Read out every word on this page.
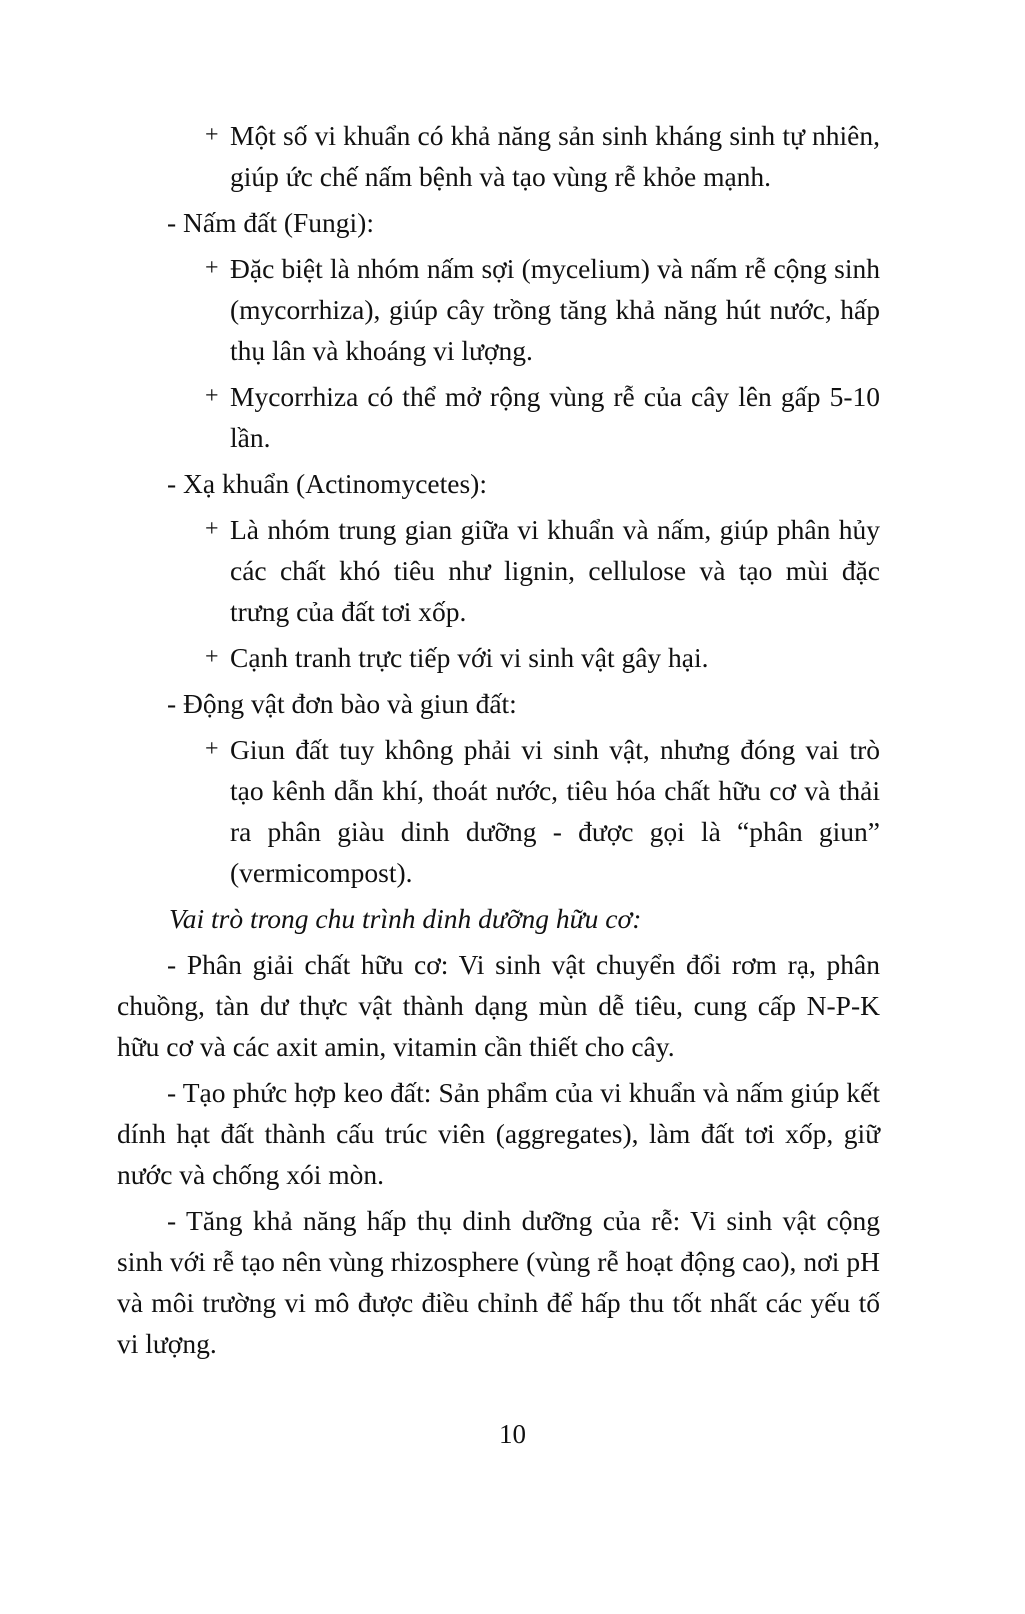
+ Một số vi khuẩn có khả năng sản sinh kháng sinh tự nhiên, giúp ức chế nấm bệnh và tạo vùng rễ khỏe mạnh.
- Nấm đất (Fungi):
+ Đặc biệt là nhóm nấm sợi (mycelium) và nấm rễ cộng sinh (mycorrhiza), giúp cây trồng tăng khả năng hút nước, hấp thụ lân và khoáng vi lượng.
+ Mycorrhiza có thể mở rộng vùng rễ của cây lên gấp 5-10 lần.
- Xạ khuẩn (Actinomycetes):
+ Là nhóm trung gian giữa vi khuẩn và nấm, giúp phân hủy các chất khó tiêu như lignin, cellulose và tạo mùi đặc trưng của đất tơi xốp.
+ Cạnh tranh trực tiếp với vi sinh vật gây hại.
- Động vật đơn bào và giun đất:
+ Giun đất tuy không phải vi sinh vật, nhưng đóng vai trò tạo kênh dẫn khí, thoát nước, tiêu hóa chất hữu cơ và thải ra phân giàu dinh dưỡng - được gọi là “phân giun” (vermicompost).
Vai trò trong chu trình dinh dưỡng hữu cơ:
- Phân giải chất hữu cơ: Vi sinh vật chuyển đổi rơm rạ, phân chuồng, tàn dư thực vật thành dạng mùn dễ tiêu, cung cấp N-P-K hữu cơ và các axit amin, vitamin cần thiết cho cây.
- Tạo phức hợp keo đất: Sản phẩm của vi khuẩn và nấm giúp kết dính hạt đất thành cấu trúc viên (aggregates), làm đất tơi xốp, giữ nước và chống xói mòn.
- Tăng khả năng hấp thụ dinh dưỡng của rễ: Vi sinh vật cộng sinh với rễ tạo nên vùng rhizosphere (vùng rễ hoạt động cao), nơi pH và môi trường vi mô được điều chỉnh để hấp thu tốt nhất các yếu tố vi lượng.
10
